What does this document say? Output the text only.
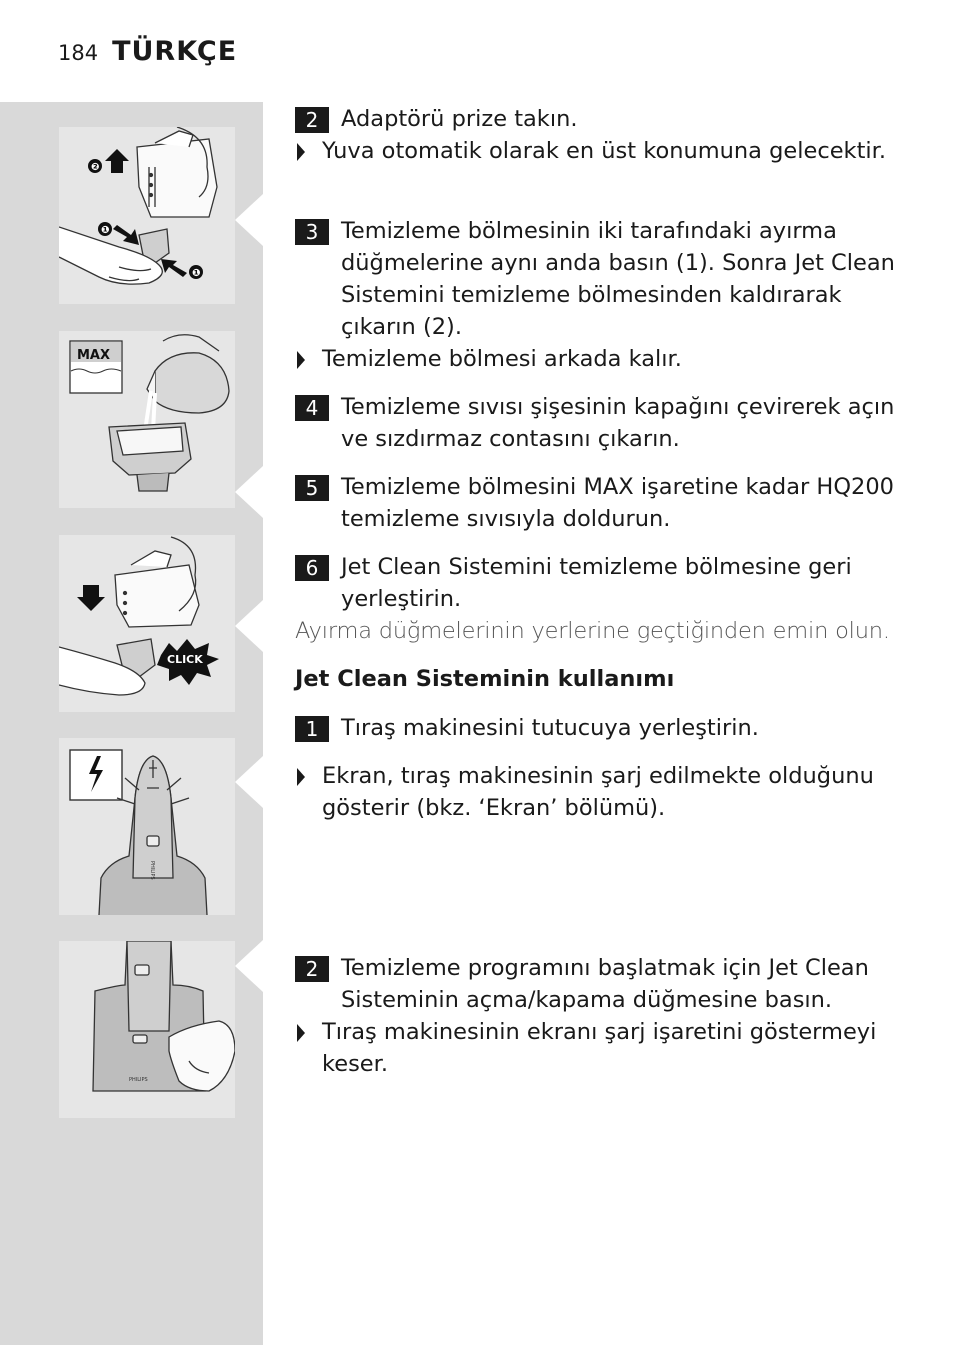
184 TÜRKÇE
❷
❶
❶
MAX
CLICK
PHILIPS
PHILIPS
2	Adaptörü prize takın.
Yuva otomatik olarak en üst konumuna gelecektir.
3	Temizleme bölmesinin iki tarafındaki ayırma düğmelerine aynı anda basın (1). Sonra Jet Clean Sistemini temizleme bölmesinden kaldırarak çıkarın (2).
Temizleme bölmesi arkada kalır.
4	Temizleme sıvısı şişesinin kapağını çevirerek açın ve sızdırmaz contasını çıkarın.
5	Temizleme bölmesini MAX işaretine kadar HQ200 temizleme sıvısıyla doldurun.
6	Jet Clean Sistemini temizleme bölmesine geri yerleştirin.
Ayırma düğmelerinin yerlerine geçtiğinden emin olun.
Jet Clean Sisteminin kullanımı
1	Tıraş makinesini tutucuya yerleştirin.
Ekran, tıraş makinesinin şarj edilmekte olduğunu gösterir (bkz. ‘Ekran’ bölümü).
2	Temizleme programını başlatmak için Jet Clean Sisteminin açma/kapama düğmesine basın.
Tıraş makinesinin ekranı şarj işaretini göstermeyi keser.
